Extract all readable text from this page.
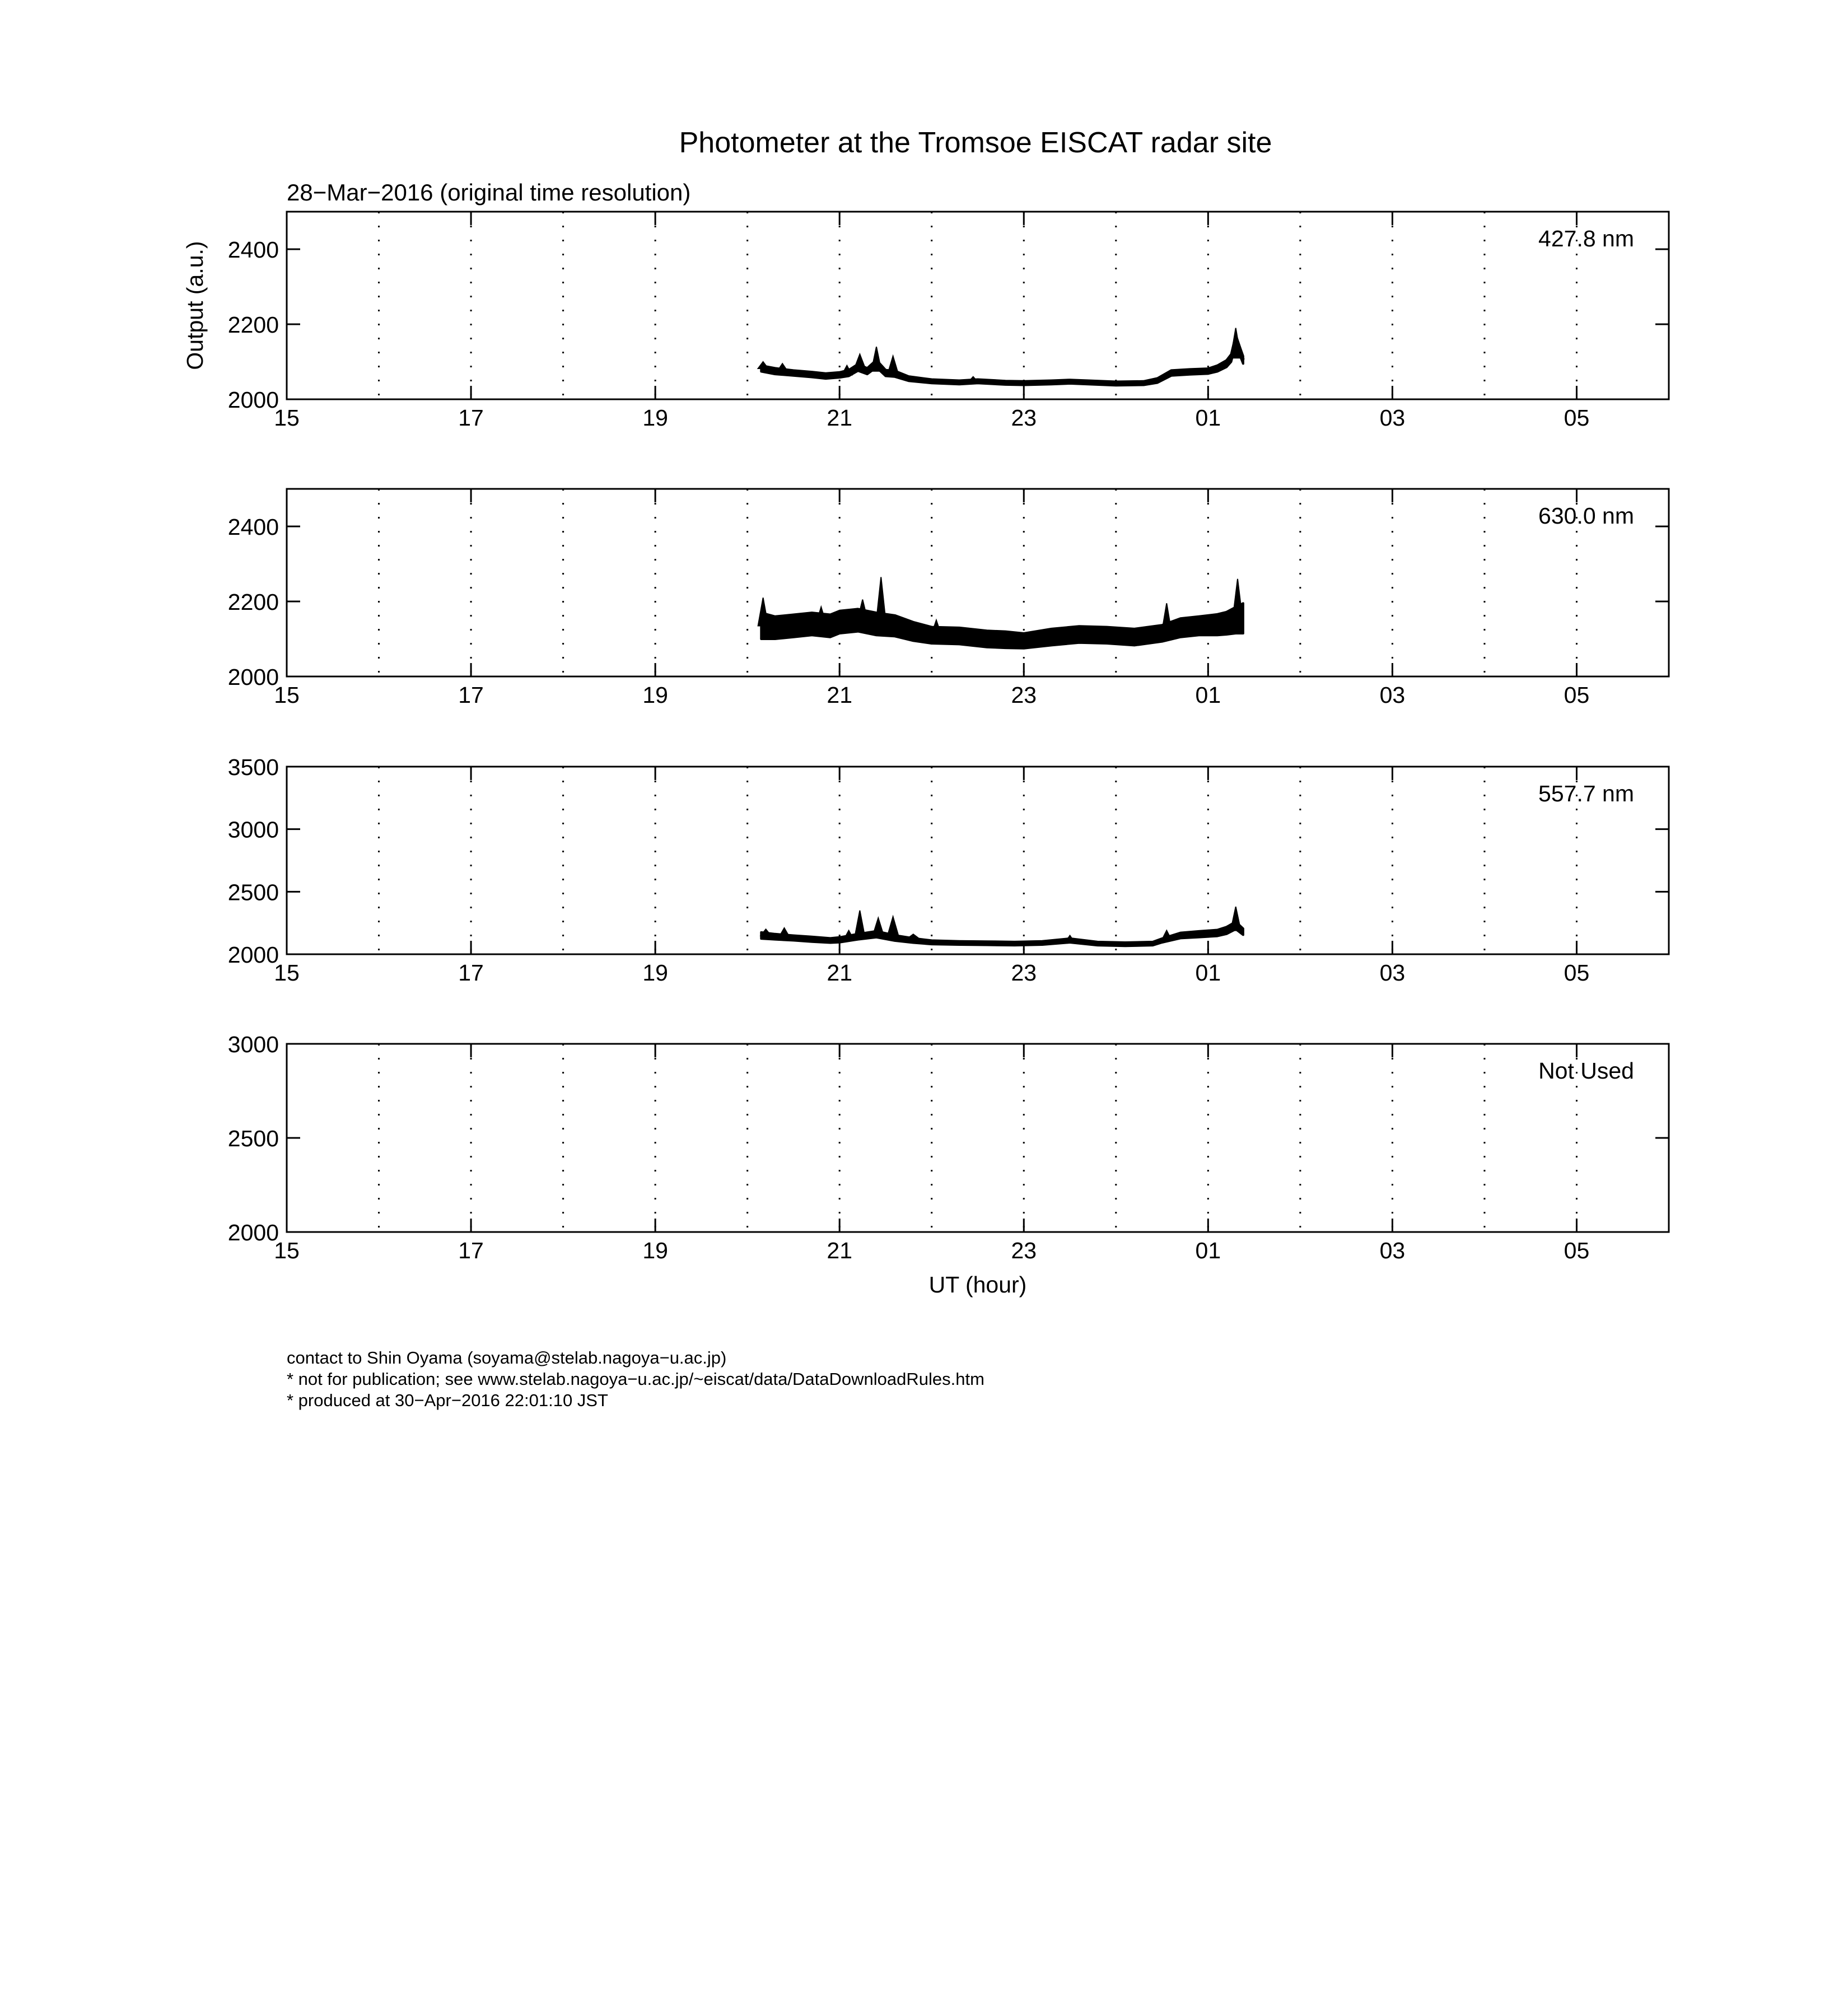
Photometer at the Tromsoe EISCAT radar site
28−Mar−2016 (original time resolution)
15	17	19	21	23	01	03	05
2000
2200
2400	427.8 nm
Output (a.u.)
15	17	19	21	23	01	03	05
2000
2200
2400	630.0 nm
15	17	19	21	23	01	03	05
2000
2500
3000
3500
557.7 nm
15	17	19	21	23	01	03	05
2000
2500
3000
Not Used
UT (hour)
contact to Shin Oyama (soyama@stelab.nagoya−u.ac.jp)
* not for publication; see www.stelab.nagoya−u.ac.jp/~eiscat/data/DataDownloadRules.htm
* produced at 30−Apr−2016 22:01:10 JST
